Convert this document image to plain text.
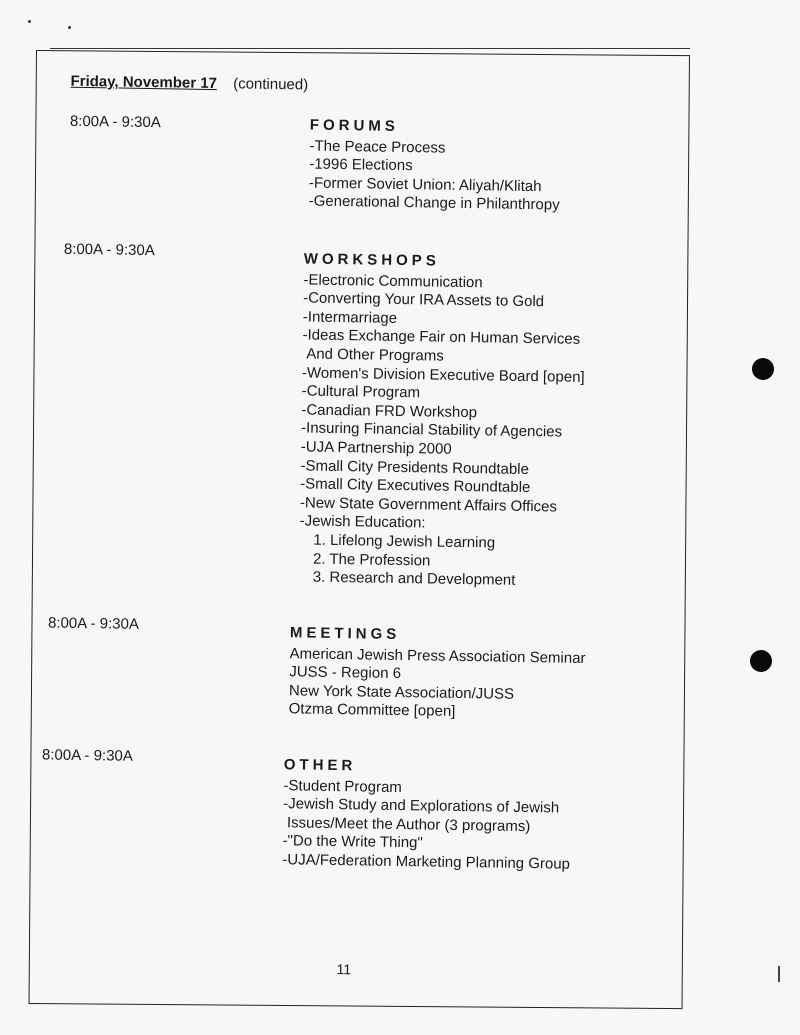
Friday, November 17 (continued)
8:00A - 9:30A	FORUMS
-The Peace Process
-1996 Elections
-Former Soviet Union: Aliyah/Klitah
-Generational Change in Philanthropy
8:00A - 9:30A
WORKSHOPS
-Electronic Communication
-Converting Your IRA Assets to Gold
-Intermarriage
-Ideas Exchange Fair on Human Services
And Other Programs
-Women's Division Executive Board [open]
-Cultural Program
-Canadian FRD Workshop
-Insuring Financial Stability of Agencies
-UJA Partnership 2000
-Small City Presidents Roundtable
-Small City Executives Roundtable
-New State Government Affairs Offices
-Jewish Education:
1. Lifelong Jewish Learning
2. The Profession
3. Research and Development
8:00A - 9:30A
MEETINGS
American Jewish Press Association Seminar
JUSS - Region 6
New York State Association/JUSS
Otzma Committee [open]
8:00A - 9:30A
OTHER
-Student Program
-Jewish Study and Explorations of Jewish
Issues/Meet the Author (3 programs)
-"Do the Write Thing"
-UJA/Federation Marketing Planning Group
11
